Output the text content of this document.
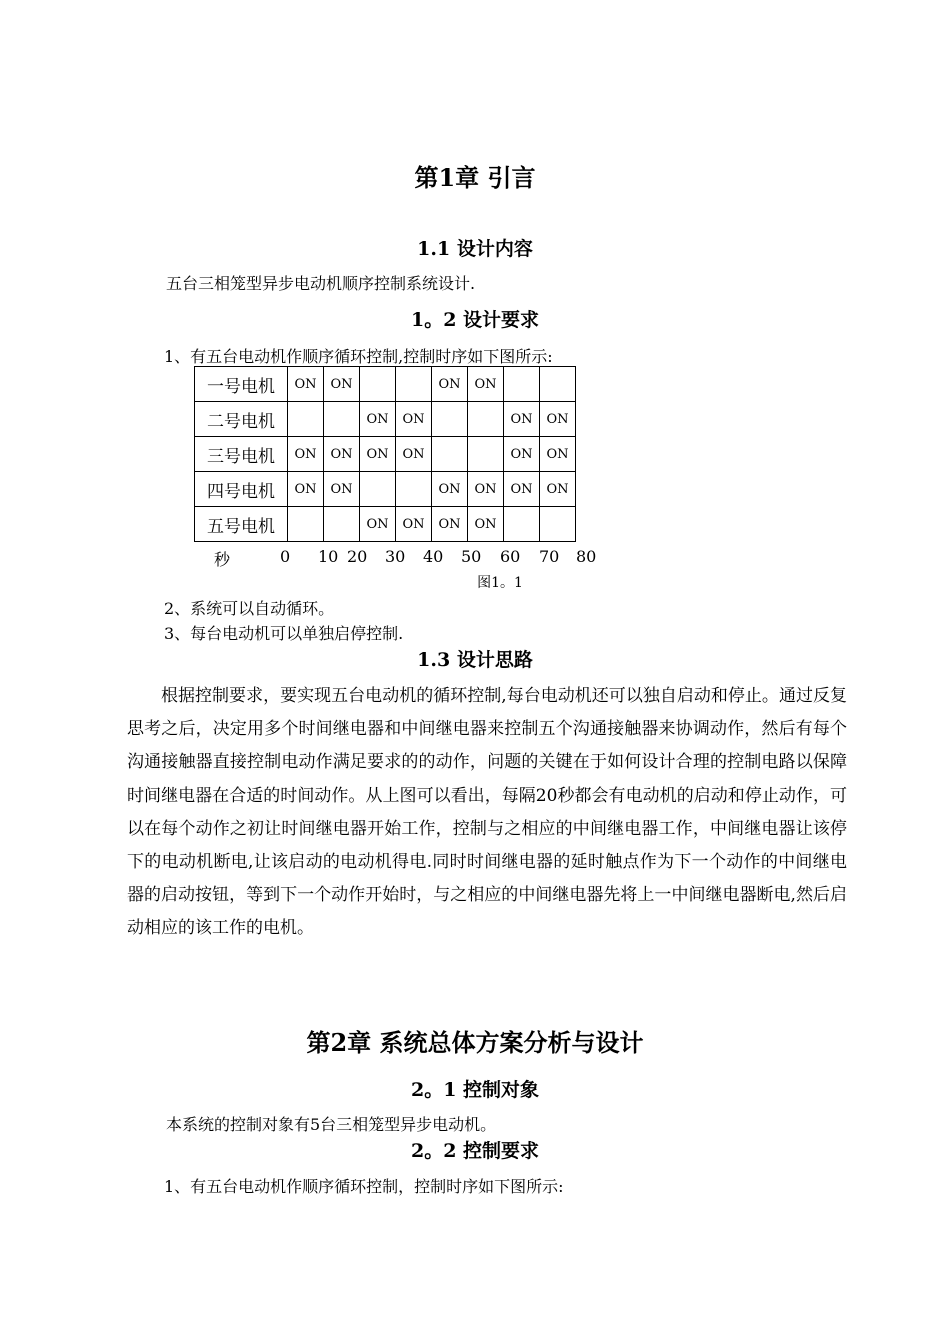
第1章 引言
1.1 设计内容
五台三相笼型异步电动机顺序控制系统设计.
1。2 设计要求
1、有五台电动机作顺序循环控制,控制时序如下图所示:
一号电机	ON	ON			ON	ON		
二号电机			ON	ON			ON	ON
三号电机	ON	ON	ON	ON			ON	ON
四号电机	ON	ON			ON	ON	ON	ON
五号电机			ON	ON	ON	ON		
秒	0 10 20 30 40 50 60 70 80
图1。1
2、系统可以自动循环。
3、每台电动机可以单独启停控制.
1.3 设计思路
根据控制要求，要实现五台电动机的循环控制,每台电动机还可以独自启动和停止。通过反复思考之后，决定用多个时间继电器和中间继电器来控制五个沟通接触器来协调动作，然后有每个沟通接触器直接控制电动作满足要求的的动作，问题的关键在于如何设计合理的控制电路以保障时间继电器在合适的时间动作。从上图可以看出，每隔20秒都会有电动机的启动和停止动作，可以在每个动作之初让时间继电器开始工作，控制与之相应的中间继电器工作，中间继电器让该停下的电动机断电,让该启动的电动机得电.同时时间继电器的延时触点作为下一个动作的中间继电器的启动按钮，等到下一个动作开始时，与之相应的中间继电器先将上一中间继电器断电,然后启动相应的该工作的电机。
第2章 系统总体方案分析与设计
2。1 控制对象
本系统的控制对象有5台三相笼型异步电动机。
2。2 控制要求
1、有五台电动机作顺序循环控制，控制时序如下图所示:
